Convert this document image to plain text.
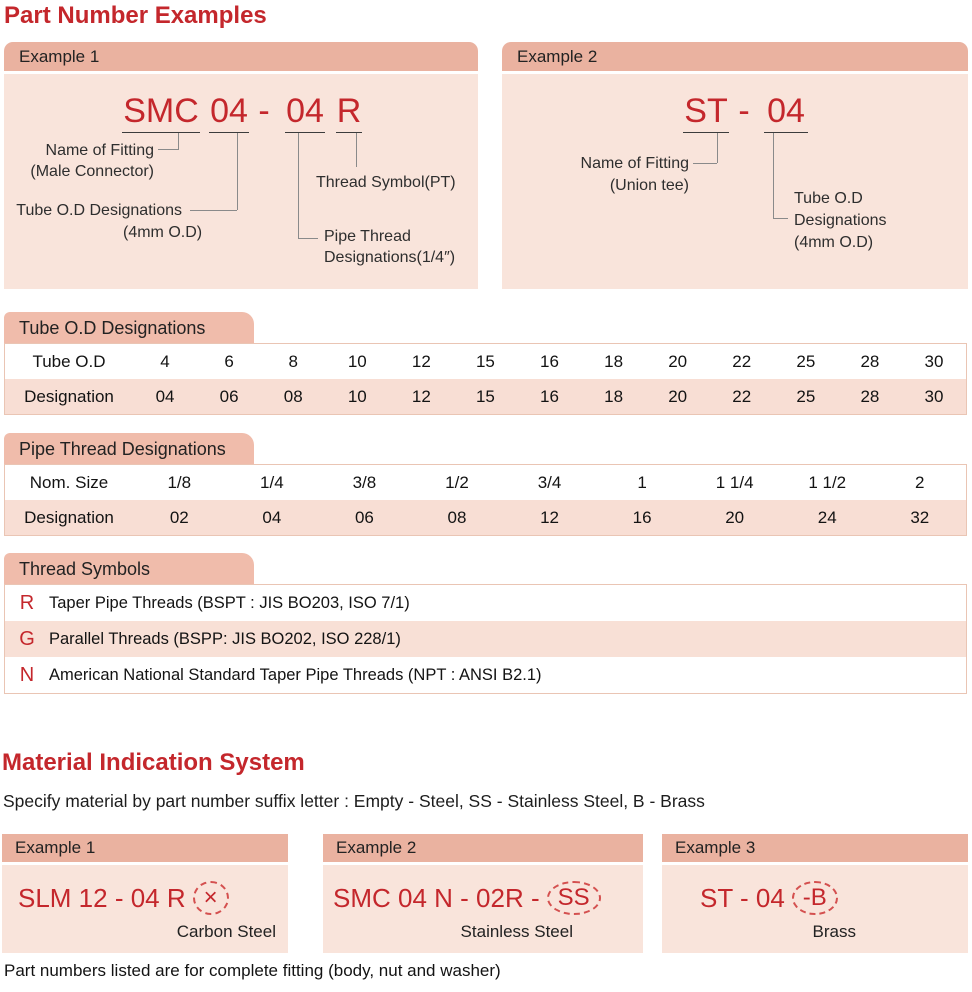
Part Number Examples
Example 1
SMC 04 - 04 R
Name of Fitting
(Male Connector)
Tube O.D Designations
(4mm O.D)	Pipe Thread
Designations(1/4″)
Thread Symbol(PT)
Example 2
ST - 04
Name of Fitting
(Union tee)
Tube O.D
Designations
(4mm O.D)
Tube O.D Designations
Tube O.D	4	6	8	10	12	15	16	18	20	22	25	28	30
Designation	04	06	08	10	12	15	16	18	20	22	25	28	30
Pipe Thread Designations
Nom. Size	1/8	1/4	3/8	1/2	3/4	1	1 1/4	1 1/2	2
Designation	02	04	06	08	12	16	20	24	32
Thread Symbols
R Taper Pipe Threads (BSPT : JIS BO203, ISO 7/1)
G Parallel Threads (BSPP: JIS BO202, ISO 228/1)
N American National Standard Taper Pipe Threads (NPT : ANSI B2.1)
Material Indication System
Specify material by part number suffix letter : Empty - Steel, SS - Stainless Steel, B - Brass
Example 1
SLM 12 - 04 R ×
Carbon Steel
Example 2
SMC 04 N - 02R - SS
Stainless Steel
Example 3
ST - 04 -B
Brass
Part numbers listed are for complete fitting (body, nut and washer)
